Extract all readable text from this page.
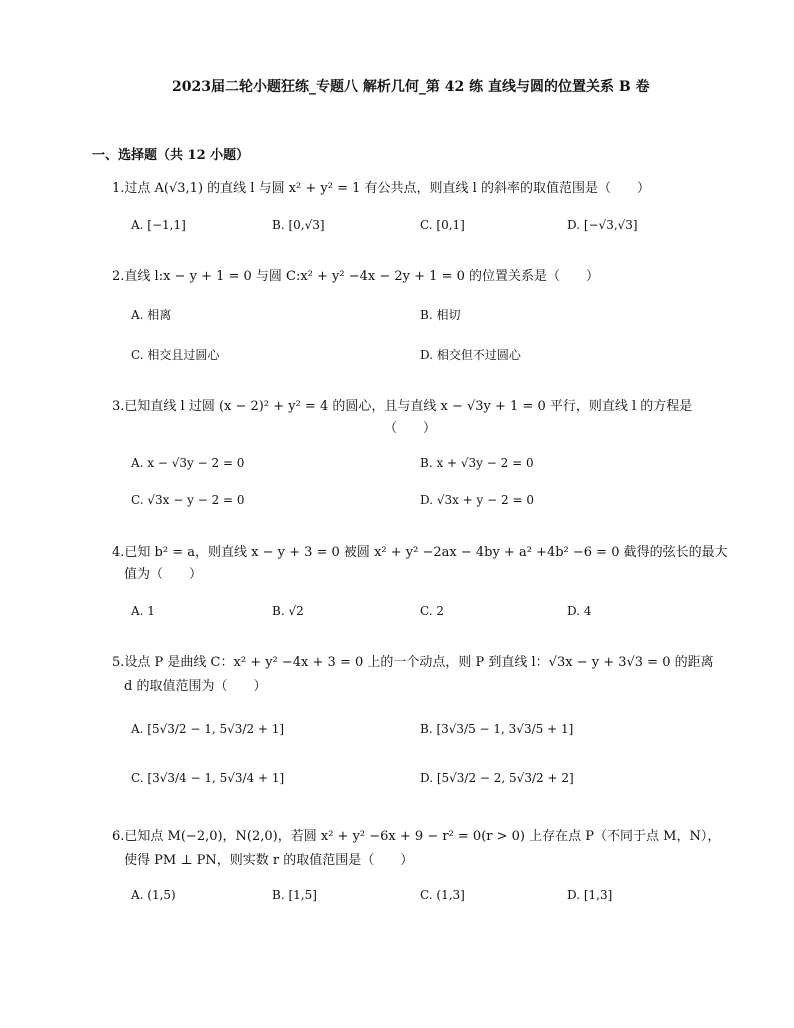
2023届二轮小题狂练_专题八 解析几何_第 42 练 直线与圆的位置关系 B 卷
一、选择题（共 12 小题）
1.过点 A(√3,1) 的直线 l 与圆 x² + y² = 1 有公共点，则直线 l 的斜率的取值范围是（　　）
A. [−1,1]	B. [0,√3]	C. [0,1]	D. [−√3,√3]
2.直线 l:x − y + 1 = 0 与圆 C:x² + y² −4x − 2y + 1 = 0 的位置关系是（　　）
A. 相离	B. 相切
C. 相交且过圆心	D. 相交但不过圆心
3.已知直线 l 过圆 (x − 2)² + y² = 4 的圆心，且与直线 x − √3y + 1 = 0 平行，则直线 l 的方程是
（　　）
A. x − √3y − 2 = 0	B. x + √3y − 2 = 0
C. √3x − y − 2 = 0	D. √3x + y − 2 = 0
4.已知 b² = a，则直线 x − y + 3 = 0 被圆 x² + y² −2ax − 4by + a² +4b² −6 = 0 截得的弦长的最大
值为（　　）
A. 1	B. √2	C. 2	D. 4
5.设点 P 是曲线 C：x² + y² −4x + 3 = 0 上的一个动点，则 P 到直线 l：√3x − y + 3√3 = 0 的距离
d 的取值范围为（　　）
A. [5√3/2 − 1, 5√3/2 + 1]	B. [3√3/5 − 1, 3√3/5 + 1]
C. [3√3/4 − 1, 5√3/4 + 1]	D. [5√3/2 − 2, 5√3/2 + 2]
6.已知点 M(−2,0)，N(2,0)，若圆 x² + y² −6x + 9 − r² = 0(r > 0) 上存在点 P（不同于点 M，N），
使得 PM ⊥ PN，则实数 r 的取值范围是（　　）
A. (1,5)	B. [1,5]	C. (1,3]	D. [1,3]
